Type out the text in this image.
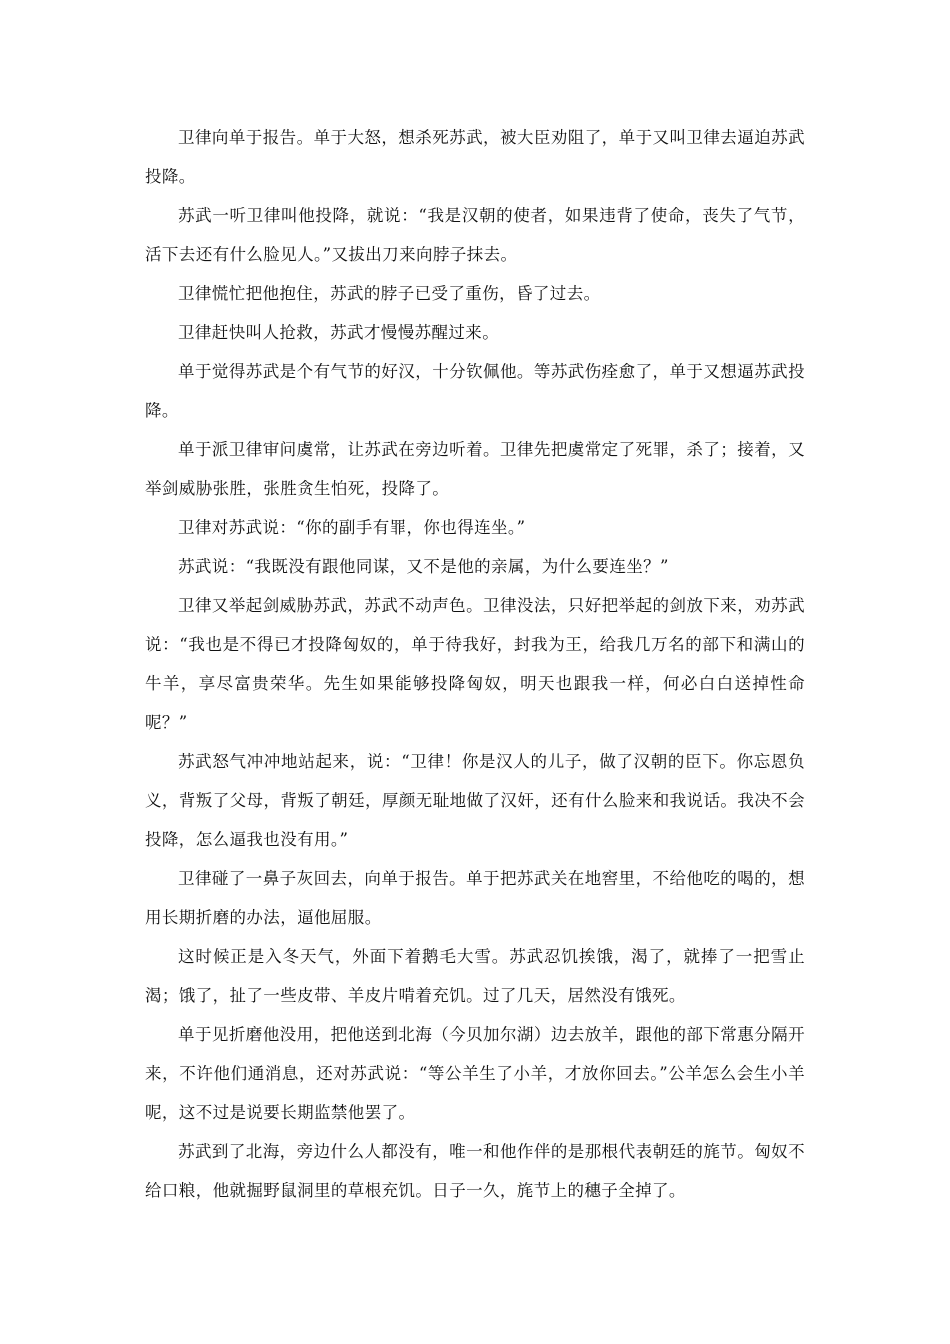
卫律向单于报告。单于大怒，想杀死苏武，被大臣劝阻了，单于又叫卫律去逼迫苏武投降。

苏武一听卫律叫他投降，就说：“我是汉朝的使者，如果违背了使命，丧失了气节，活下去还有什么脸见人。”又拔出刀来向脖子抹去。

卫律慌忙把他抱住，苏武的脖子已受了重伤，昏了过去。

卫律赶快叫人抢救，苏武才慢慢苏醒过来。

单于觉得苏武是个有气节的好汉，十分钦佩他。等苏武伤痊愈了，单于又想逼苏武投降。

单于派卫律审问虞常，让苏武在旁边听着。卫律先把虞常定了死罪，杀了；接着，又举剑威胁张胜，张胜贪生怕死，投降了。

卫律对苏武说：“你的副手有罪，你也得连坐。”

苏武说：“我既没有跟他同谋，又不是他的亲属，为什么要连坐？”

卫律又举起剑威胁苏武，苏武不动声色。卫律没法，只好把举起的剑放下来，劝苏武说：“我也是不得已才投降匈奴的，单于待我好，封我为王，给我几万名的部下和满山的牛羊，享尽富贵荣华。先生如果能够投降匈奴，明天也跟我一样，何必白白送掉性命呢？”

苏武怒气冲冲地站起来，说：“卫律！你是汉人的儿子，做了汉朝的臣下。你忘恩负义，背叛了父母，背叛了朝廷，厚颜无耻地做了汉奸，还有什么脸来和我说话。我决不会投降，怎么逼我也没有用。”

卫律碰了一鼻子灰回去，向单于报告。单于把苏武关在地窖里，不给他吃的喝的，想用长期折磨的办法，逼他屈服。

这时候正是入冬天气，外面下着鹅毛大雪。苏武忍饥挨饿，渴了，就捧了一把雪止渴；饿了，扯了一些皮带、羊皮片啃着充饥。过了几天，居然没有饿死。

单于见折磨他没用，把他送到北海（今贝加尔湖）边去放羊，跟他的部下常惠分隔开来，不许他们通消息，还对苏武说：“等公羊生了小羊，才放你回去。”公羊怎么会生小羊呢，这不过是说要长期监禁他罢了。

苏武到了北海，旁边什么人都没有，唯一和他作伴的是那根代表朝廷的旄节。匈奴不给口粮，他就掘野鼠洞里的草根充饥。日子一久，旄节上的穗子全掉了。
